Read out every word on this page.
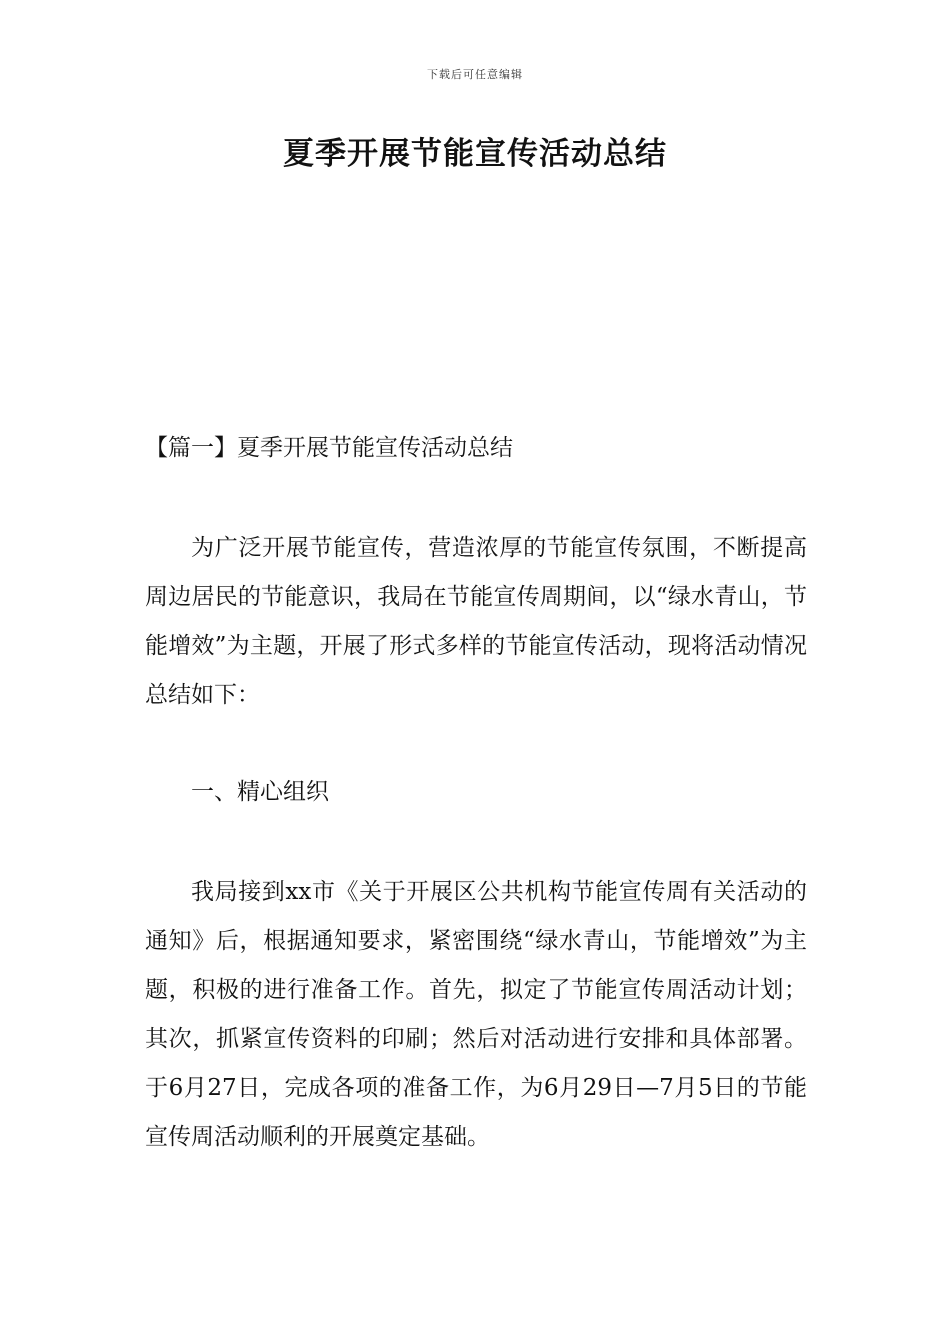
下载后可任意编辑
夏季开展节能宣传活动总结
【篇一】夏季开展节能宣传活动总结

为广泛开展节能宣传，营造浓厚的节能宣传氛围，不断提高周边居民的节能意识，我局在节能宣传周期间，以“绿水青山，节能增效”为主题，开展了形式多样的节能宣传活动，现将活动情况总结如下：

一、精心组织

我局接到xx市《关于开展区公共机构节能宣传周有关活动的通知》后，根据通知要求，紧密围绕“绿水青山，节能增效”为主题，积极的进行准备工作。首先，拟定了节能宣传周活动计划；其次，抓紧宣传资料的印刷；然后对活动进行安排和具体部署。于6月27日，完成各项的准备工作，为6月29日—7月5日的节能宣传周活动顺利的开展奠定基础。
